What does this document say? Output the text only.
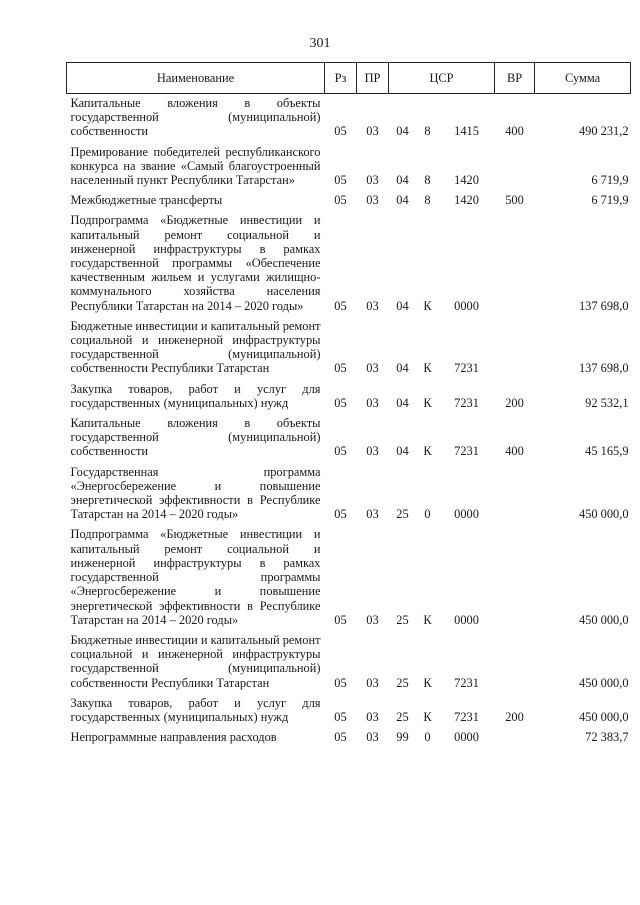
301
Наименование	Рз	ПР	ЦСР			ВР	Сумма
Капитальные вложения в объекты государственной (муниципальной) собственности	05	03	04	8	1415	400	490 231,2
Премирование победителей республиканского конкурса на звание «Самый благоустроенный населенный пункт Республики Татарстан»	05	03	04	8	1420		6 719,9
Межбюджетные трансферты	05	03	04	8	1420	500	6 719,9
Подпрограмма «Бюджетные инвестиции и капитальный ремонт социальной и инженерной инфраструктуры в рамках государственной программы «Обеспечение качественным жильем и услугами жилищно-коммунального хозяйства населения Республики Татарстан на 2014 – 2020 годы»	05	03	04	К	0000		137 698,0
Бюджетные инвестиции и капитальный ремонт социальной и инженерной инфраструктуры государственной (муниципальной) собственности Республики Татарстан	05	03	04	К	7231		137 698,0
Закупка товаров, работ и услуг для государственных (муниципальных) нужд	05	03	04	К	7231	200	92 532,1
Капитальные вложения в объекты государственной (муниципальной) собственности	05	03	04	К	7231	400	45 165,9
Государственная программа «Энергосбережение и повышение энергетической эффективности в Республике Татарстан на 2014 – 2020 годы»	05	03	25	0	0000		450 000,0
Подпрограмма «Бюджетные инвестиции и капитальный ремонт социальной и инженерной инфраструктуры в рамках государственной программы «Энергосбережение и повышение энергетической эффективности в Республике Татарстан на 2014 – 2020 годы»	05	03	25	К	0000		450 000,0
Бюджетные инвестиции и капитальный ремонт социальной и инженерной инфраструктуры государственной (муниципальной) собственности Республики Татарстан	05	03	25	К	7231		450 000,0
Закупка товаров, работ и услуг для государственных (муниципальных) нужд	05	03	25	К	7231	200	450 000,0
Непрограммные направления расходов	05	03	99	0	0000		72 383,7
